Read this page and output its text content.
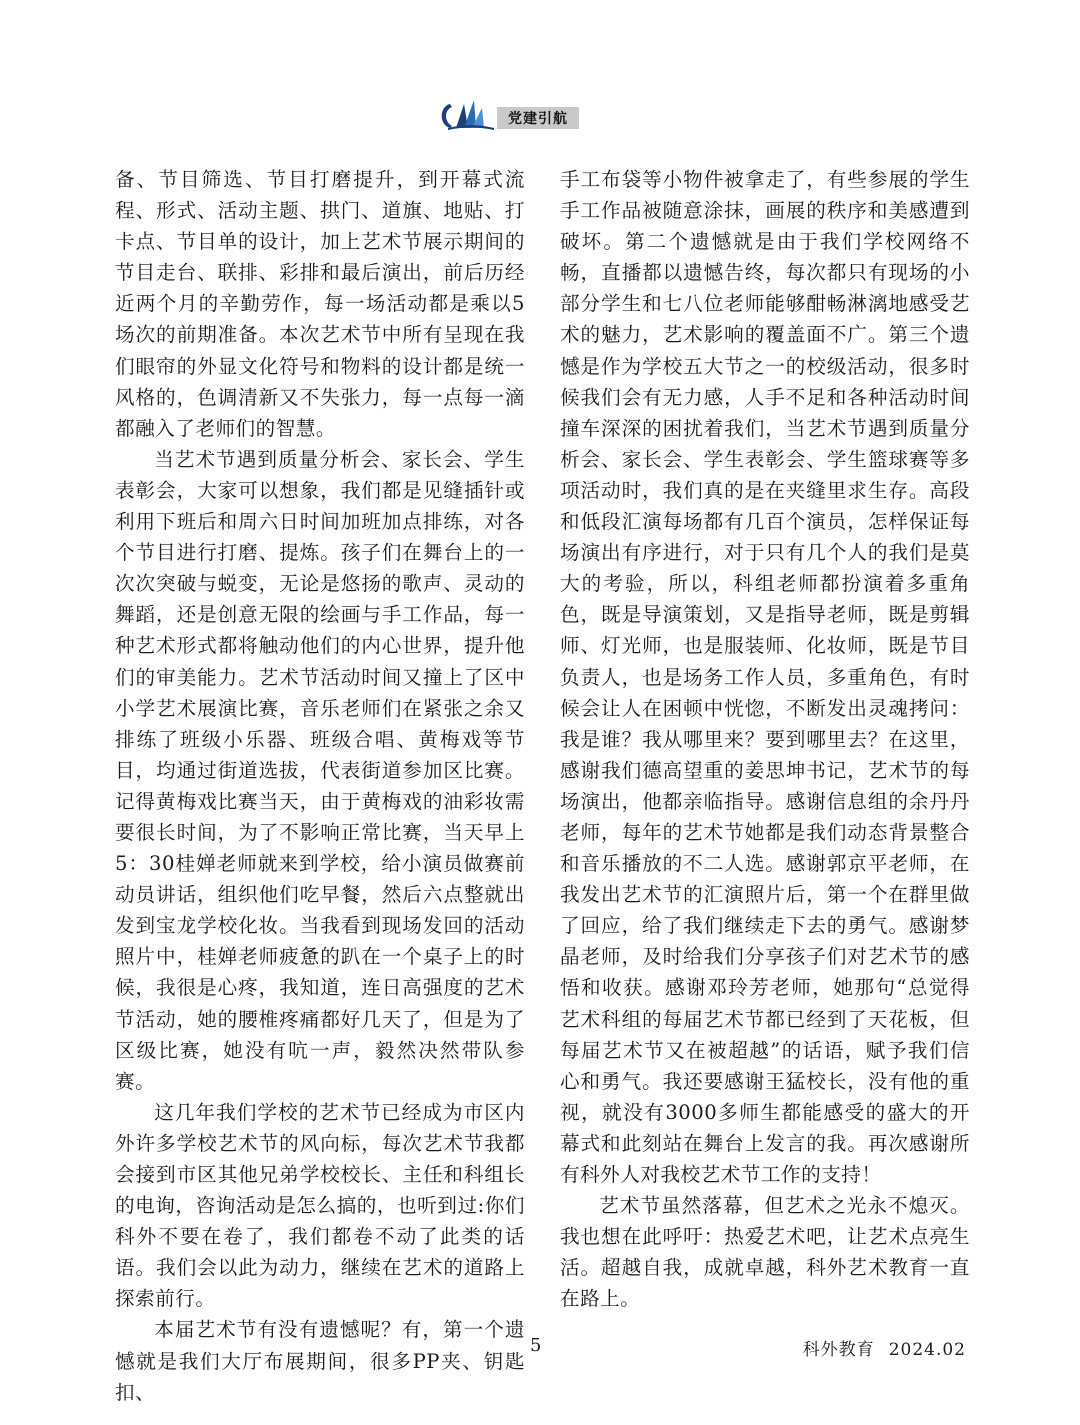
党建引航

备、节目筛选、节目打磨提升，到开幕式流程、形式、活动主题、拱门、道旗、地贴、打卡点、节目单的设计，加上艺术节展示期间的节目走台、联排、彩排和最后演出，前后历经近两个月的辛勤劳作，每一场活动都是乘以5场次的前期准备。本次艺术节中所有呈现在我们眼帘的外显文化符号和物料的设计都是统一风格的，色调清新又不失张力，每一点每一滴都融入了老师们的智慧。

当艺术节遇到质量分析会、家长会、学生表彰会，大家可以想象，我们都是见缝插针或利用下班后和周六日时间加班加点排练，对各个节目进行打磨、提炼。孩子们在舞台上的一次次突破与蜕变，无论是悠扬的歌声、灵动的舞蹈，还是创意无限的绘画与手工作品，每一种艺术形式都将触动他们的内心世界，提升他们的审美能力。艺术节活动时间又撞上了区中小学艺术展演比赛，音乐老师们在紧张之余又排练了班级小乐器、班级合唱、黄梅戏等节目，均通过街道选拔，代表街道参加区比赛。记得黄梅戏比赛当天，由于黄梅戏的油彩妆需要很长时间，为了不影响正常比赛，当天早上5：30桂婵老师就来到学校，给小演员做赛前动员讲话，组织他们吃早餐，然后六点整就出发到宝龙学校化妆。当我看到现场发回的活动照片中，桂婵老师疲惫的趴在一个桌子上的时候，我很是心疼，我知道，连日高强度的艺术节活动，她的腰椎疼痛都好几天了，但是为了区级比赛，她没有吭一声，毅然决然带队参赛。

这几年我们学校的艺术节已经成为市区内外许多学校艺术节的风向标，每次艺术节我都会接到市区其他兄弟学校校长、主任和科组长的电询，咨询活动是怎么搞的，也听到过:你们科外不要在卷了，我们都卷不动了此类的话语。我们会以此为动力，继续在艺术的道路上探索前行。

本届艺术节有没有遗憾呢？有，第一个遗憾就是我们大厅布展期间，很多PP夹、钥匙扣、

手工布袋等小物件被拿走了，有些参展的学生手工作品被随意涂抹，画展的秩序和美感遭到破坏。第二个遗憾就是由于我们学校网络不畅，直播都以遗憾告终，每次都只有现场的小部分学生和七八位老师能够酣畅淋漓地感受艺术的魅力，艺术影响的覆盖面不广。第三个遗憾是作为学校五大节之一的校级活动，很多时候我们会有无力感，人手不足和各种活动时间撞车深深的困扰着我们，当艺术节遇到质量分析会、家长会、学生表彰会、学生篮球赛等多项活动时，我们真的是在夹缝里求生存。高段和低段汇演每场都有几百个演员，怎样保证每场演出有序进行，对于只有几个人的我们是莫大的考验，所以，科组老师都扮演着多重角色，既是导演策划，又是指导老师，既是剪辑师、灯光师，也是服装师、化妆师，既是节目负责人，也是场务工作人员，多重角色，有时候会让人在困顿中恍惚，不断发出灵魂拷问：我是谁？我从哪里来？要到哪里去？在这里，感谢我们德高望重的姜思坤书记，艺术节的每场演出，他都亲临指导。感谢信息组的余丹丹老师，每年的艺术节她都是我们动态背景整合和音乐播放的不二人选。感谢郭京平老师，在我发出艺术节的汇演照片后，第一个在群里做了回应，给了我们继续走下去的勇气。感谢梦晶老师，及时给我们分享孩子们对艺术节的感悟和收获。感谢邓玲芳老师，她那句“总觉得艺术科组的每届艺术节都已经到了天花板，但每届艺术节又在被超越”的话语，赋予我们信心和勇气。我还要感谢王猛校长，没有他的重视，就没有3000多师生都能感受的盛大的开幕式和此刻站在舞台上发言的我。再次感谢所有科外人对我校艺术节工作的支持！

艺术节虽然落幕，但艺术之光永不熄灭。我也想在此呼吁：热爱艺术吧，让艺术点亮生活。超越自我，成就卓越，科外艺术教育一直在路上。

5	科外教育 2024.02
